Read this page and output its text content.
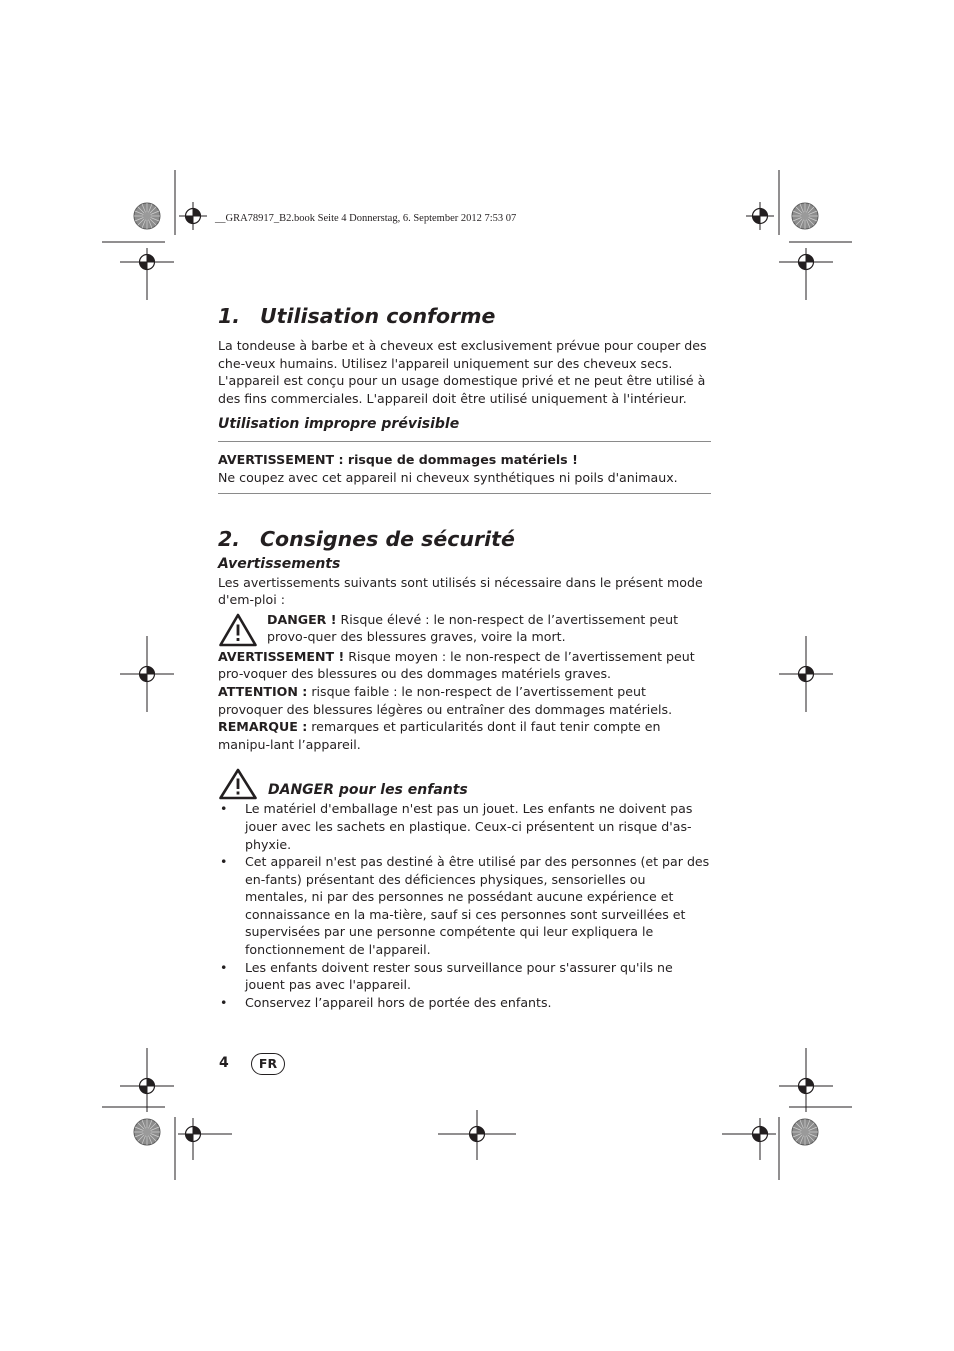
__GRA78917_B2.book Seite 4 Donnerstag, 6. September 2012 7:53 07
1. Utilisation conforme

La tondeuse à barbe et à cheveux est exclusivement prévue pour couper des che-veux humains. Utilisez l'appareil uniquement sur des cheveux secs.

L'appareil est conçu pour un usage domestique privé et ne peut être utilisé à des fins commerciales. L'appareil doit être utilisé uniquement à l'intérieur.

Utilisation impropre prévisible

AVERTISSEMENT : risque de dommages matériels !

Ne coupez avec cet appareil ni cheveux synthétiques ni poils d'animaux.

2. Consignes de sécurité
Avertissements

Les avertissements suivants sont utilisés si nécessaire dans le présent mode d'em-ploi :

DANGER ! Risque élevé : le non-respect de l’avertissement peut provo-quer des blessures graves, voire la mort.

AVERTISSEMENT ! Risque moyen : le non-respect de l’avertissement peut pro-voquer des blessures ou des dommages matériels graves.

ATTENTION : risque faible : le non-respect de l’avertissement peut provoquer des blessures légères ou entraîner des dommages matériels.

REMARQUE : remarques et particularités dont il faut tenir compte en manipu-lant l’appareil.

DANGER pour les enfants
• Le matériel d'emballage n'est pas un jouet. Les enfants ne doivent pas jouer avec les sachets en plastique. Ceux-ci présentent un risque d'as-phyxie.
• Cet appareil n'est pas destiné à être utilisé par des personnes (et par des en-fants) présentant des déficiences physiques, sensorielles ou mentales, ni par des personnes ne possédant aucune expérience et connaissance en la ma-tière, sauf si ces personnes sont surveillées et supervisées par une personne compétente qui leur expliquera le fonctionnement de l'appareil.
• Les enfants doivent rester sous surveillance pour s'assurer qu'ils ne jouent pas avec l'appareil.
• Conservez l’appareil hors de portée des enfants.
4	FR
